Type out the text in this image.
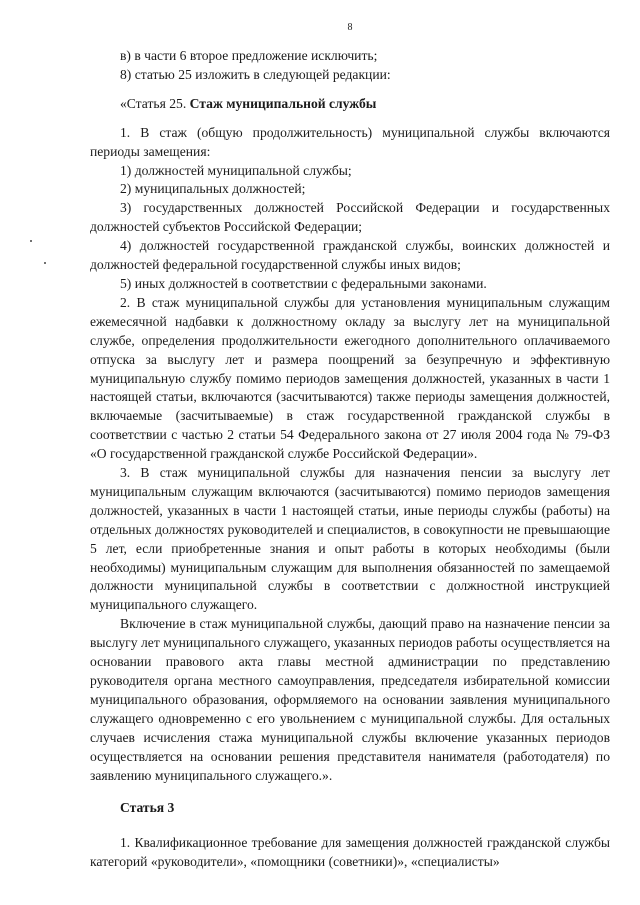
8

в) в части 6 второе предложение исключить;

8) статью 25 изложить в следующей редакции:

«Статья 25. Стаж муниципальной службы

1. В стаж (общую продолжительность) муниципальной службы включаются периоды замещения:

1) должностей муниципальной службы;

2) муниципальных должностей;

3) государственных должностей Российской Федерации и государственных должностей субъектов Российской Федерации;

4) должностей государственной гражданской службы, воинских должностей и должностей федеральной государственной службы иных видов;

5) иных должностей в соответствии с федеральными законами.

2. В стаж муниципальной службы для установления муниципальным служащим ежемесячной надбавки к должностному окладу за выслугу лет на муниципальной службе, определения продолжительности ежегодного дополнительного оплачиваемого отпуска за выслугу лет и размера поощрений за безупречную и эффективную муниципальную службу помимо периодов замещения должностей, указанных в части 1 настоящей статьи, включаются (засчитываются) также периоды замещения должностей, включаемые (засчитываемые) в стаж государственной гражданской службы в соответствии с частью 2 статьи 54 Федерального закона от 27 июля 2004 года № 79-ФЗ «О государственной гражданской службе Российской Федерации».

3. В стаж муниципальной службы для назначения пенсии за выслугу лет муниципальным служащим включаются (засчитываются) помимо периодов замещения должностей, указанных в части 1 настоящей статьи, иные периоды службы (работы) на отдельных должностях руководителей и специалистов, в совокупности не превышающие 5 лет, если приобретенные знания и опыт работы в которых необходимы (были необходимы) муниципальным служащим для выполнения обязанностей по замещаемой должности муниципальной службы в соответствии с должностной инструкцией муниципального служащего.

Включение в стаж муниципальной службы, дающий право на назначение пенсии за выслугу лет муниципального служащего, указанных периодов работы осуществляется на основании правового акта главы местной администрации по представлению руководителя органа местного самоуправления, председателя избирательной комиссии муниципального образования, оформляемого на основании заявления муниципального служащего одновременно с его увольнением с муниципальной службы. Для остальных случаев исчисления стажа муниципальной службы включение указанных периодов осуществляется на основании решения представителя нанимателя (работодателя) по заявлению муниципального служащего.».

Статья 3

1. Квалификационное требование для замещения должностей гражданской службы категорий «руководители», «помощники (советники)», «специалисты»
